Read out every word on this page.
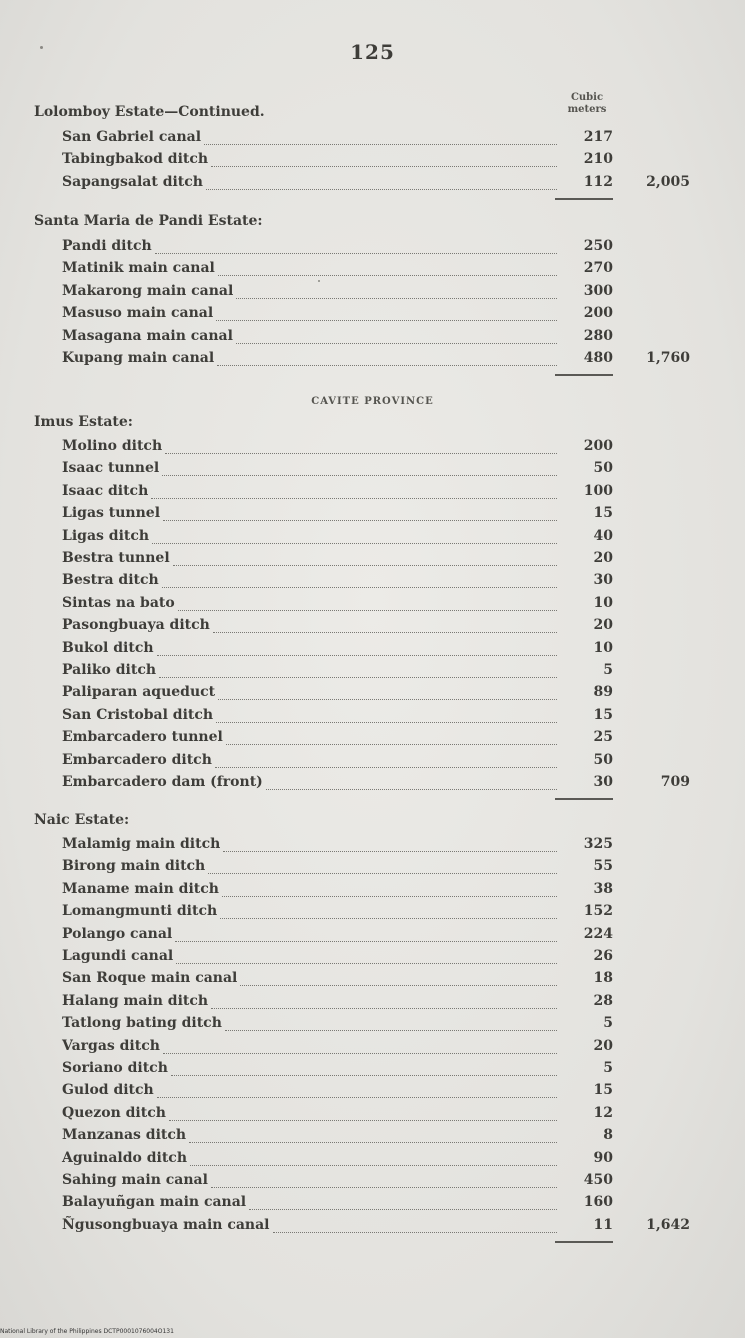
125
Cubic
meters
Lolomboy Estate—Continued.
San Gabriel canal	217
Tabingbakod ditch	210
Sapangsalat ditch	112	2,005
Santa Maria de Pandi Estate:
Pandi ditch	250
Matinik main canal	270
Makarong main canal	300
Masuso main canal	200
Masagana main canal	280
Kupang main canal	480	1,760
CAVITE PROVINCE
Imus Estate:
Molino ditch	200
Isaac tunnel	50
Isaac ditch	100
Ligas tunnel	15
Ligas ditch	40
Bestra tunnel	20
Bestra ditch	30
Sintas na bato	10
Pasongbuaya ditch	20
Bukol ditch	10
Paliko ditch	5
Paliparan aqueduct	89
San Cristobal ditch	15
Embarcadero tunnel	25
Embarcadero ditch	50
Embarcadero dam (front)	30	709
Naic Estate:
Malamig main ditch	325
Birong main ditch	55
Maname main ditch	38
Lomangmunti ditch	152
Polango canal	224
Lagundi canal	26
San Roque main canal	18
Halang main ditch	28
Tatlong bating ditch	5
Vargas ditch	20
Soriano ditch	5
Gulod ditch	15
Quezon ditch	12
Manzanas ditch	8
Aguinaldo ditch	90
Sahing main canal	450
Balayuñgan main canal	160
Ñgusongbuaya main canal	11	1,642
National Library of the Philippines DCTP0001076004O131
